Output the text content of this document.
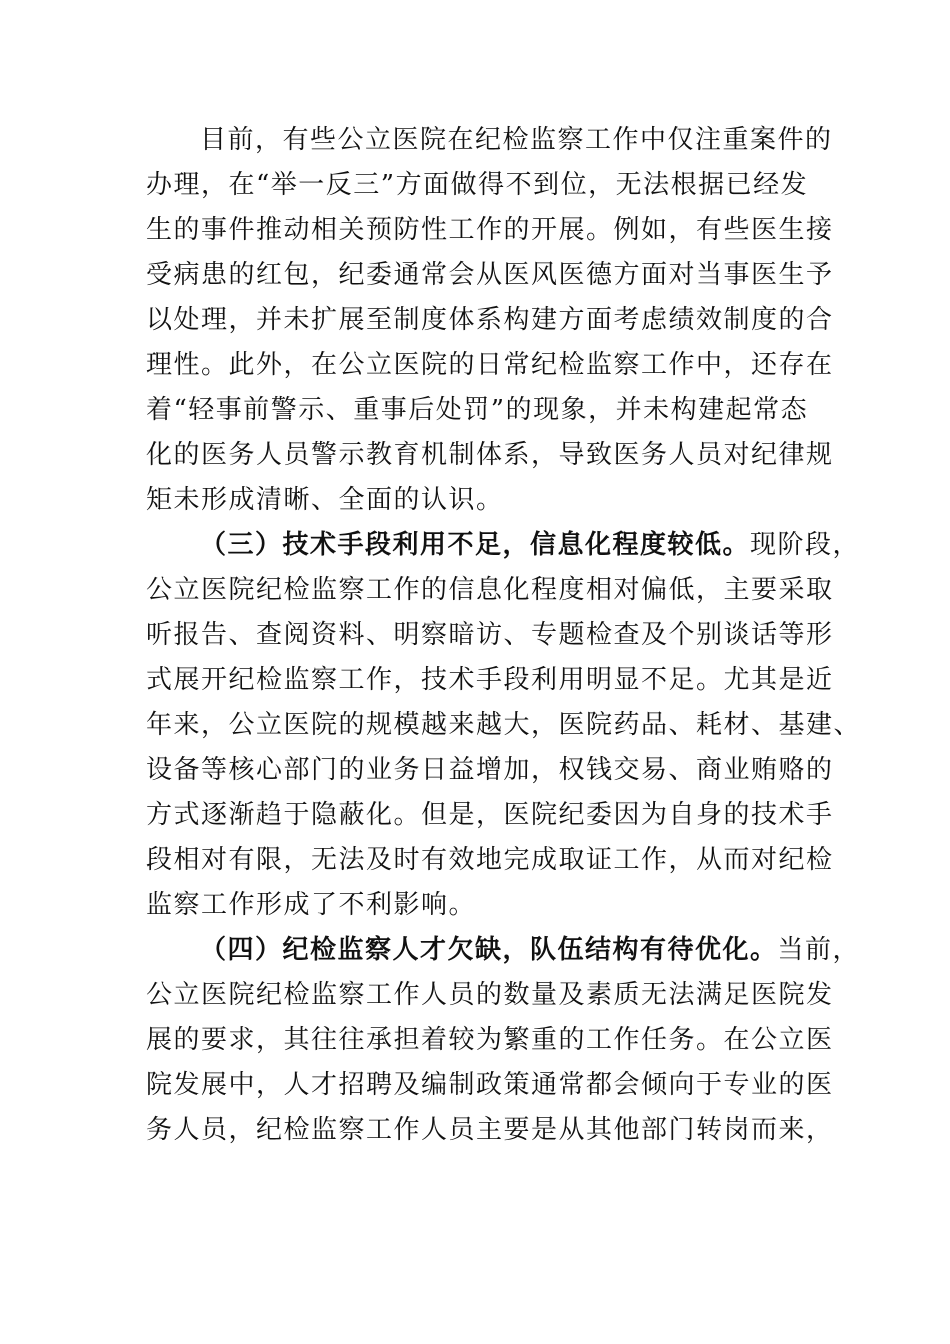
目前，有些公立医院在纪检监察工作中仅注重案件的
办理，在“举一反三”方面做得不到位，无法根据已经发
生的事件推动相关预防性工作的开展。例如，有些医生接
受病患的红包，纪委通常会从医风医德方面对当事医生予
以处理，并未扩展至制度体系构建方面考虑绩效制度的合
理性。此外，在公立医院的日常纪检监察工作中，还存在
着“轻事前警示、重事后处罚”的现象，并未构建起常态
化的医务人员警示教育机制体系，导致医务人员对纪律规
矩未形成清晰、全面的认识。
（三）技术手段利用不足，信息化程度较低。现阶段，
公立医院纪检监察工作的信息化程度相对偏低，主要采取
听报告、查阅资料、明察暗访、专题检查及个别谈话等形
式展开纪检监察工作，技术手段利用明显不足。尤其是近
年来，公立医院的规模越来越大，医院药品、耗材、基建、
设备等核心部门的业务日益增加，权钱交易、商业贿赂的
方式逐渐趋于隐蔽化。但是，医院纪委因为自身的技术手
段相对有限，无法及时有效地完成取证工作，从而对纪检
监察工作形成了不利影响。
（四）纪检监察人才欠缺，队伍结构有待优化。当前，
公立医院纪检监察工作人员的数量及素质无法满足医院发
展的要求，其往往承担着较为繁重的工作任务。在公立医
院发展中，人才招聘及编制政策通常都会倾向于专业的医
务人员，纪检监察工作人员主要是从其他部门转岗而来，
